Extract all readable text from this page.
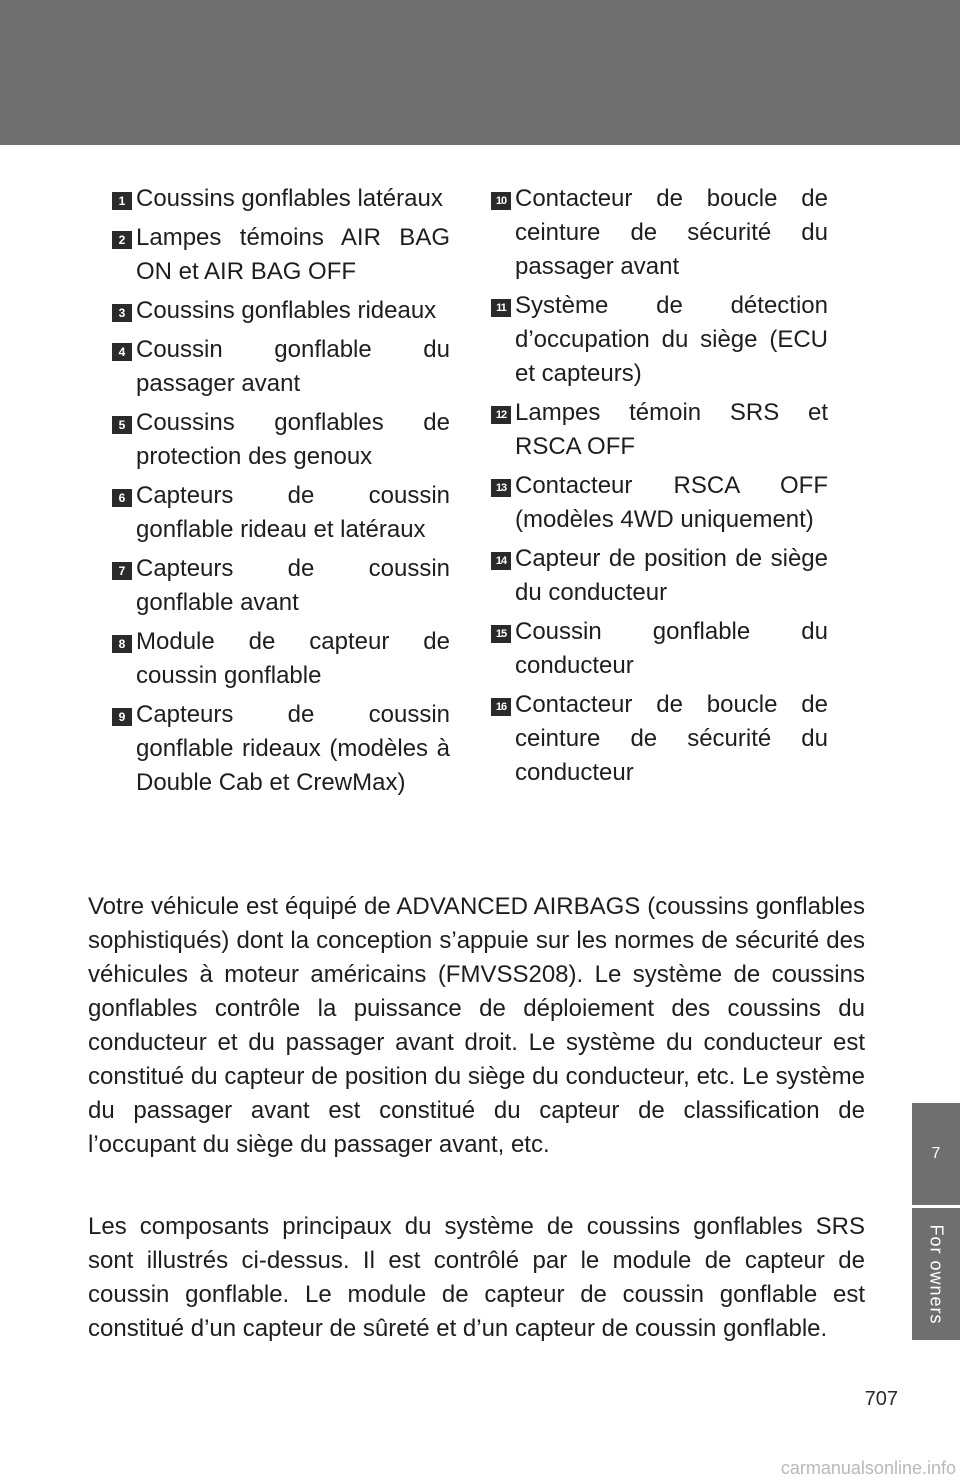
7
For owners
1 Coussins gonflables latéraux
2 Lampes témoins AIR BAG ON et AIR BAG OFF
3 Coussins gonflables rideaux
4 Coussin gonflable du passager avant
5 Coussins gonflables de protection des genoux
6 Capteurs de coussin gonflable rideau et latéraux
7 Capteurs de coussin gonflable avant
8 Module de capteur de coussin gonflable
9 Capteurs de coussin gonflable rideaux (modèles à Double Cab et CrewMax)
10 Contacteur de boucle de ceinture de sécurité du passager avant
11 Système de détection d’occupation du siège (ECU et capteurs)
12 Lampes témoin SRS et RSCA OFF
13 Contacteur RSCA OFF (modèles 4WD uniquement)
14 Capteur de position de siège du conducteur
15 Coussin gonflable du conducteur
16 Contacteur de boucle de ceinture de sécurité du conducteur

Votre véhicule est équipé de ADVANCED AIRBAGS (coussins gonflables sophistiqués) dont la conception s’appuie sur les normes de sécurité des véhicules à moteur américains (FMVSS208). Le système de coussins gonflables contrôle la puissance de déploiement des coussins du conducteur et du passager avant droit. Le système du conducteur est constitué du capteur de position du siège du conducteur, etc. Le système du passager avant est constitué du capteur de classification de l’occupant du siège du passager avant, etc.

Les composants principaux du système de coussins gonflables SRS sont illustrés ci-dessus. Il est contrôlé par le module de capteur de coussin gonflable. Le module de capteur de coussin gonflable est constitué d’un capteur de sûreté et d’un capteur de coussin gonflable.

707
carmanualsonline.info
